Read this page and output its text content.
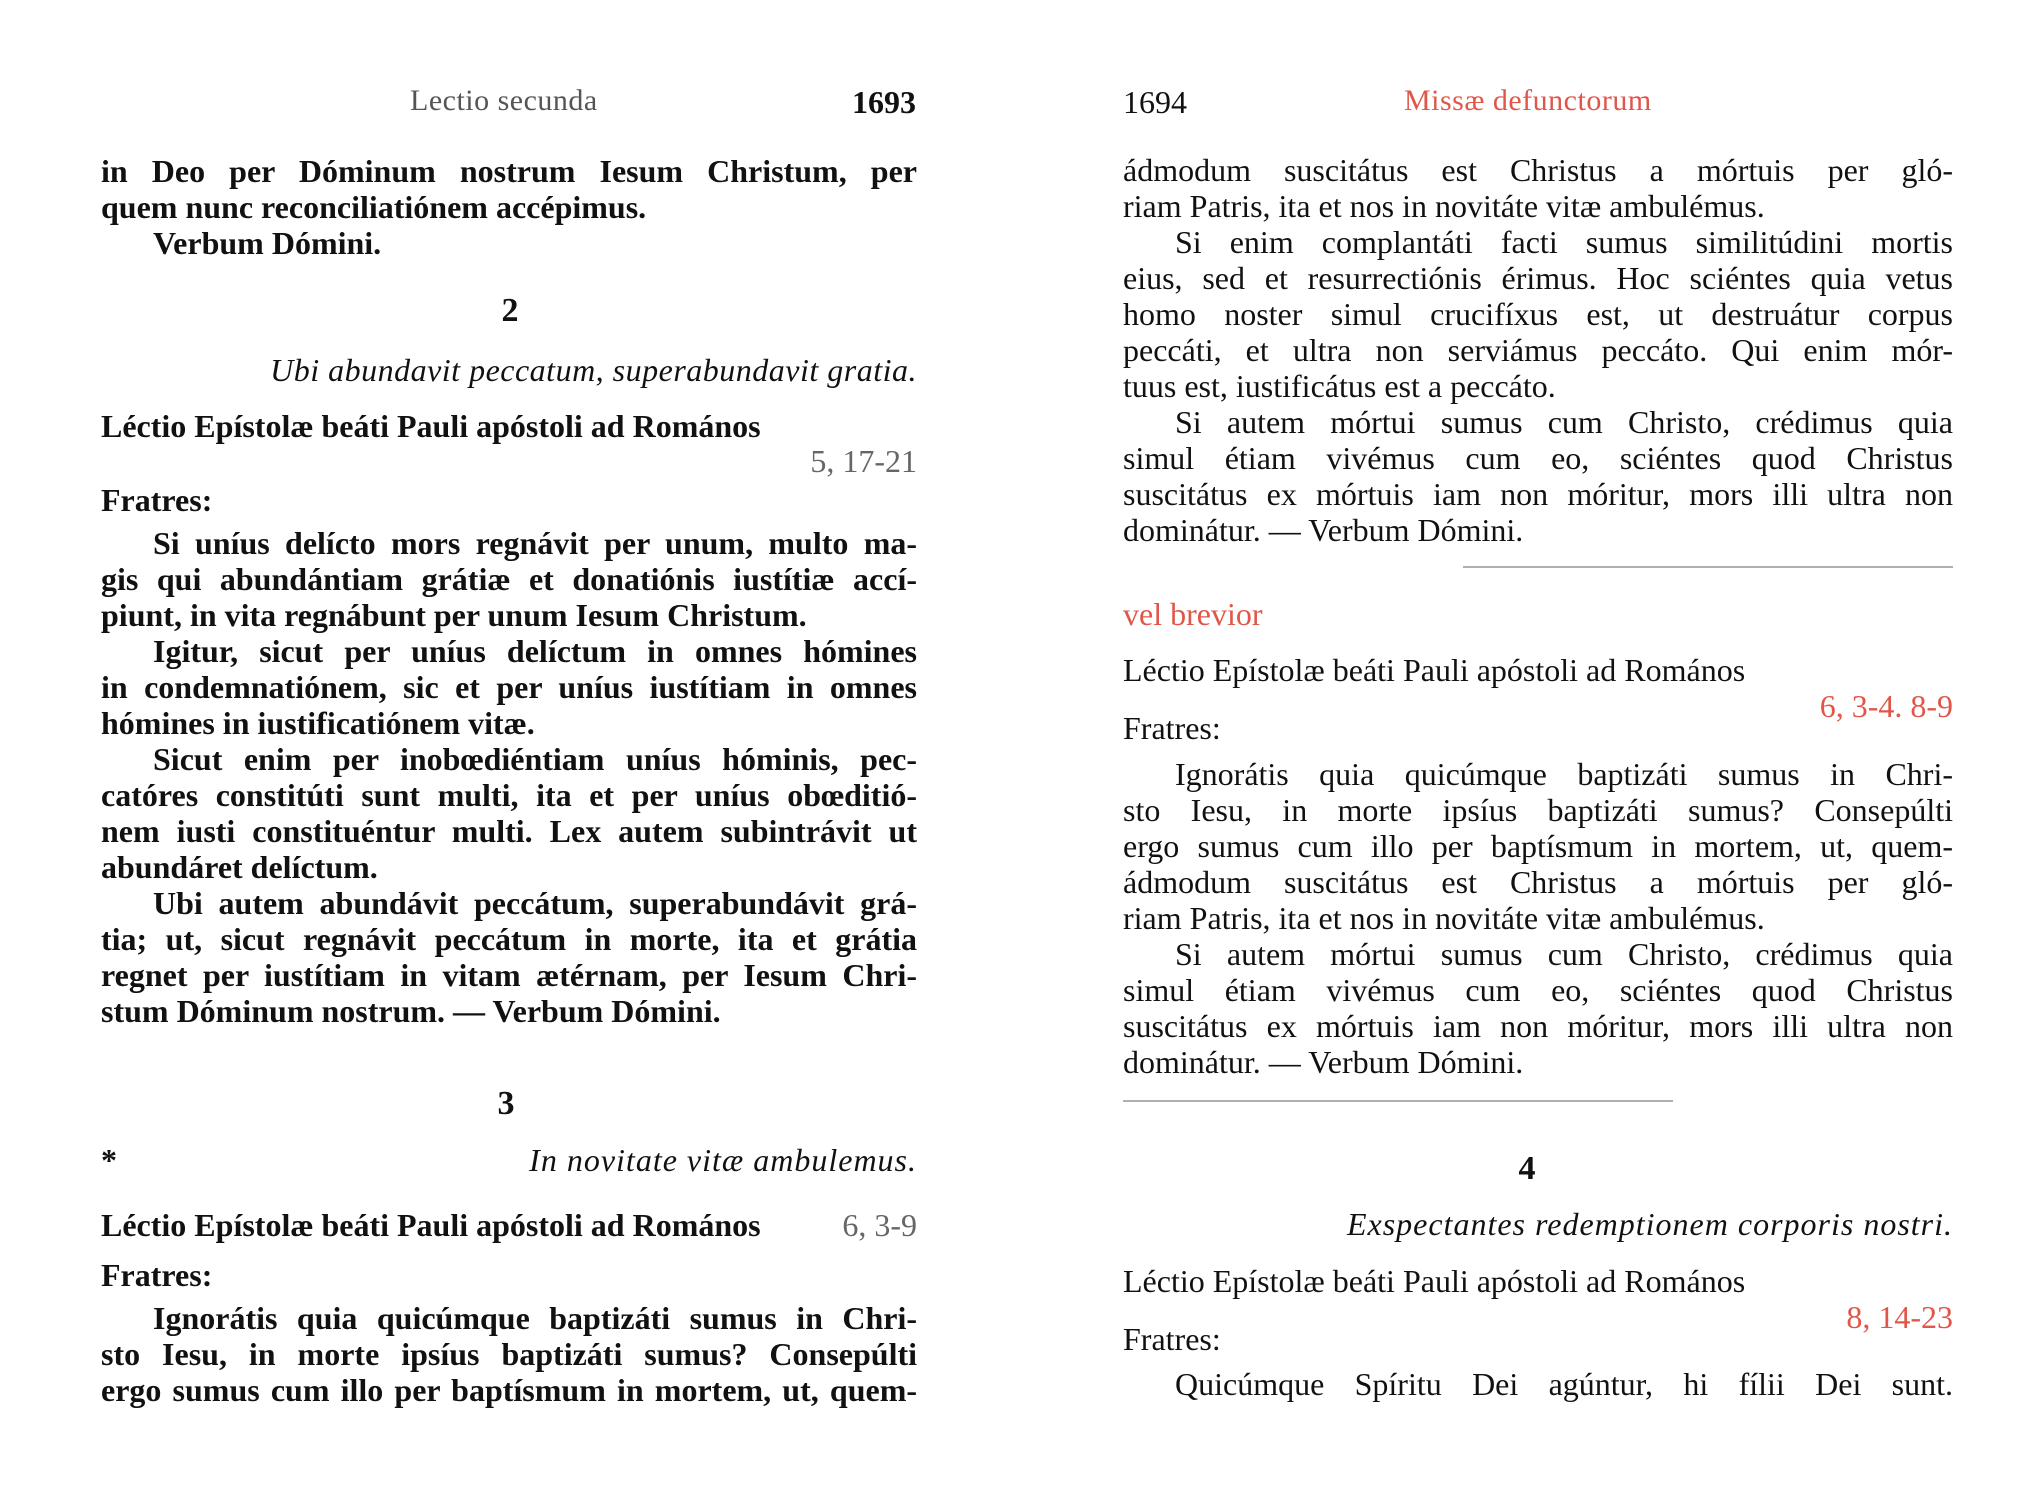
Lectio secunda	1693
in Deo per Dóminum nostrum Iesum Christum, per
quem nunc reconciliatiónem accépimus.
Verbum Dómini.
2
Ubi abundavit peccatum, superabundavit gratia.
Léctio Epístolæ beáti Pauli apóstoli ad Romános
5, 17-21
Fratres:
Si uníus delícto mors regnávit per unum, multo ma-
gis qui abundántiam grátiæ et donatiónis iustítiæ accí-
piunt, in vita regnábunt per unum Iesum Christum.
Igitur, sicut per uníus delíctum in omnes hómines
in condemnatiónem, sic et per uníus iustítiam in omnes
hómines in iustificatiónem vitæ.
Sicut enim per inobœdiéntiam uníus hóminis, pec-
catóres constitúti sunt multi, ita et per uníus obœditió-
nem iusti constituéntur multi. Lex autem subintrávit ut
abundáret delíctum.
Ubi autem abundávit peccátum, superabundávit grá-
tia; ut, sicut regnávit peccátum in morte, ita et grátia
regnet per iustítiam in vitam ætérnam, per Iesum Chri-
stum Dóminum nostrum. — Verbum Dómini.
3
*	In novitate vitæ ambulemus.
Léctio Epístolæ beáti Pauli apóstoli ad Romános	6, 3-9
Fratres:
Ignorátis quia quicúmque baptizáti sumus in Chri-
sto Iesu, in morte ipsíus baptizáti sumus? Consepúlti
ergo sumus cum illo per baptísmum in mortem, ut, quem-
1694	Missæ defunctorum
ádmodum suscitátus est Christus a mórtuis per gló-
riam Patris, ita et nos in novitáte vitæ ambulémus.
Si enim complantáti facti sumus similitúdini mortis
eius, sed et resurrectiónis érimus. Hoc sciéntes quia vetus
homo noster simul crucifíxus est, ut destruátur corpus
peccáti, et ultra non serviámus peccáto. Qui enim mór-
tuus est, iustificátus est a peccáto.
Si autem mórtui sumus cum Christo, crédimus quia
simul étiam vivémus cum eo, sciéntes quod Christus
suscitátus ex mórtuis iam non móritur, mors illi ultra non
dominátur. — Verbum Dómini.
vel brevior
Léctio Epístolæ beáti Pauli apóstoli ad Romános
6, 3-4. 8-9
Fratres:
Ignorátis quia quicúmque baptizáti sumus in Chri-
sto Iesu, in morte ipsíus baptizáti sumus? Consepúlti
ergo sumus cum illo per baptísmum in mortem, ut, quem-
ádmodum suscitátus est Christus a mórtuis per gló-
riam Patris, ita et nos in novitáte vitæ ambulémus.
Si autem mórtui sumus cum Christo, crédimus quia
simul étiam vivémus cum eo, sciéntes quod Christus
suscitátus ex mórtuis iam non móritur, mors illi ultra non
dominátur. — Verbum Dómini.
4
Exspectantes redemptionem corporis nostri.
Léctio Epístolæ beáti Pauli apóstoli ad Romános
8, 14-23
Fratres:
Quicúmque Spíritu Dei agúntur, hi fílii Dei sunt.
